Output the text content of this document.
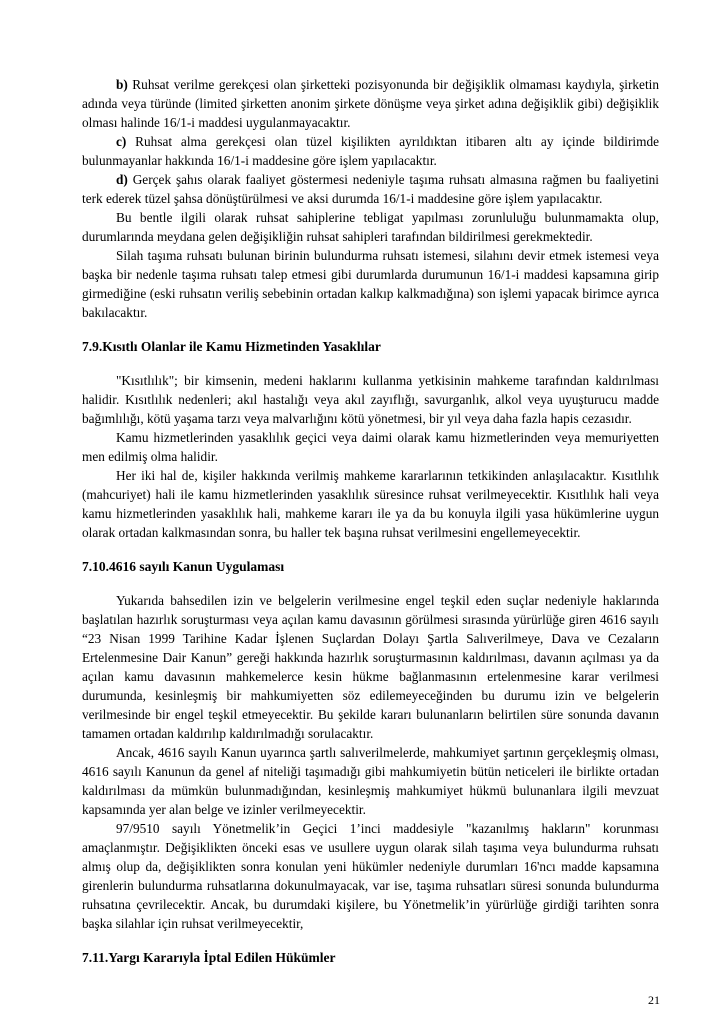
b) Ruhsat verilme gerekçesi olan şirketteki pozisyonunda bir değişiklik olmaması kaydıyla, şirketin adında veya türünde (limited şirketten anonim şirkete dönüşme veya şirket adına değişiklik gibi) değişiklik olması halinde 16/1-i maddesi uygulanmayacaktır.

c) Ruhsat alma gerekçesi olan tüzel kişilikten ayrıldıktan itibaren altı ay içinde bildirimde bulunmayanlar hakkında 16/1-i maddesine göre işlem yapılacaktır.

d) Gerçek şahıs olarak faaliyet göstermesi nedeniyle taşıma ruhsatı almasına rağmen bu faaliyetini terk ederek tüzel şahsa dönüştürülmesi ve aksi durumda 16/1-i maddesine göre işlem yapılacaktır.

Bu bentle ilgili olarak ruhsat sahiplerine tebligat yapılması zorunluluğu bulunmamakta olup, durumlarında meydana gelen değişikliğin ruhsat sahipleri tarafından bildirilmesi gerekmektedir.

Silah taşıma ruhsatı bulunan birinin bulundurma ruhsatı istemesi, silahını devir etmek istemesi veya başka bir nedenle taşıma ruhsatı talep etmesi gibi durumlarda durumunun 16/1-i maddesi kapsamına girip girmediğine (eski ruhsatın veriliş sebebinin ortadan kalkıp kalkmadığına) son işlemi yapacak birimce ayrıca bakılacaktır.

7.9.Kısıtlı Olanlar ile Kamu Hizmetinden Yasaklılar

"Kısıtlılık"; bir kimsenin, medeni haklarını kullanma yetkisinin mahkeme tarafından kaldırılması halidir. Kısıtlılık nedenleri; akıl hastalığı veya akıl zayıflığı, savurganlık, alkol veya uyuşturucu madde bağımlılığı, kötü yaşama tarzı veya malvarlığını kötü yönetmesi, bir yıl veya daha fazla hapis cezasıdır.

Kamu hizmetlerinden yasaklılık geçici veya daimi olarak kamu hizmetlerinden veya memuriyetten men edilmiş olma halidir.

Her iki hal de, kişiler hakkında verilmiş mahkeme kararlarının tetkikinden anlaşılacaktır. Kısıtlılık (mahcuriyet) hali ile kamu hizmetlerinden yasaklılık süresince ruhsat verilmeyecektir. Kısıtlılık hali veya kamu hizmetlerinden yasaklılık hali, mahkeme kararı ile ya da bu konuyla ilgili yasa hükümlerine uygun olarak ortadan kalkmasından sonra, bu haller tek başına ruhsat verilmesini engellemeyecektir.

7.10.4616 sayılı Kanun Uygulaması

Yukarıda bahsedilen izin ve belgelerin verilmesine engel teşkil eden suçlar nedeniyle haklarında başlatılan hazırlık soruşturması veya açılan kamu davasının görülmesi sırasında yürürlüğe giren 4616 sayılı “23 Nisan 1999 Tarihine Kadar İşlenen Suçlardan Dolayı Şartla Salıverilmeye, Dava ve Cezaların Ertelenmesine Dair Kanun” gereği hakkında hazırlık soruşturmasının kaldırılması, davanın açılması ya da açılan kamu davasının mahkemelerce kesin hükme bağlanmasının ertelenmesine karar verilmesi durumunda, kesinleşmiş bir mahkumiyetten söz edilemeyeceğinden bu durumu izin ve belgelerin verilmesinde bir engel teşkil etmeyecektir. Bu şekilde kararı bulunanların belirtilen süre sonunda davanın tamamen ortadan kaldırılıp kaldırılmadığı sorulacaktır.

Ancak, 4616 sayılı Kanun uyarınca şartlı salıverilmelerde, mahkumiyet şartının gerçekleşmiş olması, 4616 sayılı Kanunun da genel af niteliği taşımadığı gibi mahkumiyetin bütün neticeleri ile birlikte ortadan kaldırılması da mümkün bulunmadığından, kesinleşmiş mahkumiyet hükmü bulunanlara ilgili mevzuat kapsamında yer alan belge ve izinler verilmeyecektir.

97/9510 sayılı Yönetmelik’in Geçici 1’inci maddesiyle "kazanılmış hakların" korunması amaçlanmıştır. Değişiklikten önceki esas ve usullere uygun olarak silah taşıma veya bulundurma ruhsatı almış olup da, değişiklikten sonra konulan yeni hükümler nedeniyle durumları 16'ncı madde kapsamına girenlerin bulundurma ruhsatlarına dokunulmayacak, var ise, taşıma ruhsatları süresi sonunda bulundurma ruhsatına çevrilecektir. Ancak, bu durumdaki kişilere, bu Yönetmelik’in yürürlüğe girdiği tarihten sonra başka silahlar için ruhsat verilmeyecektir,

7.11.Yargı Kararıyla İptal Edilen Hükümler
21
